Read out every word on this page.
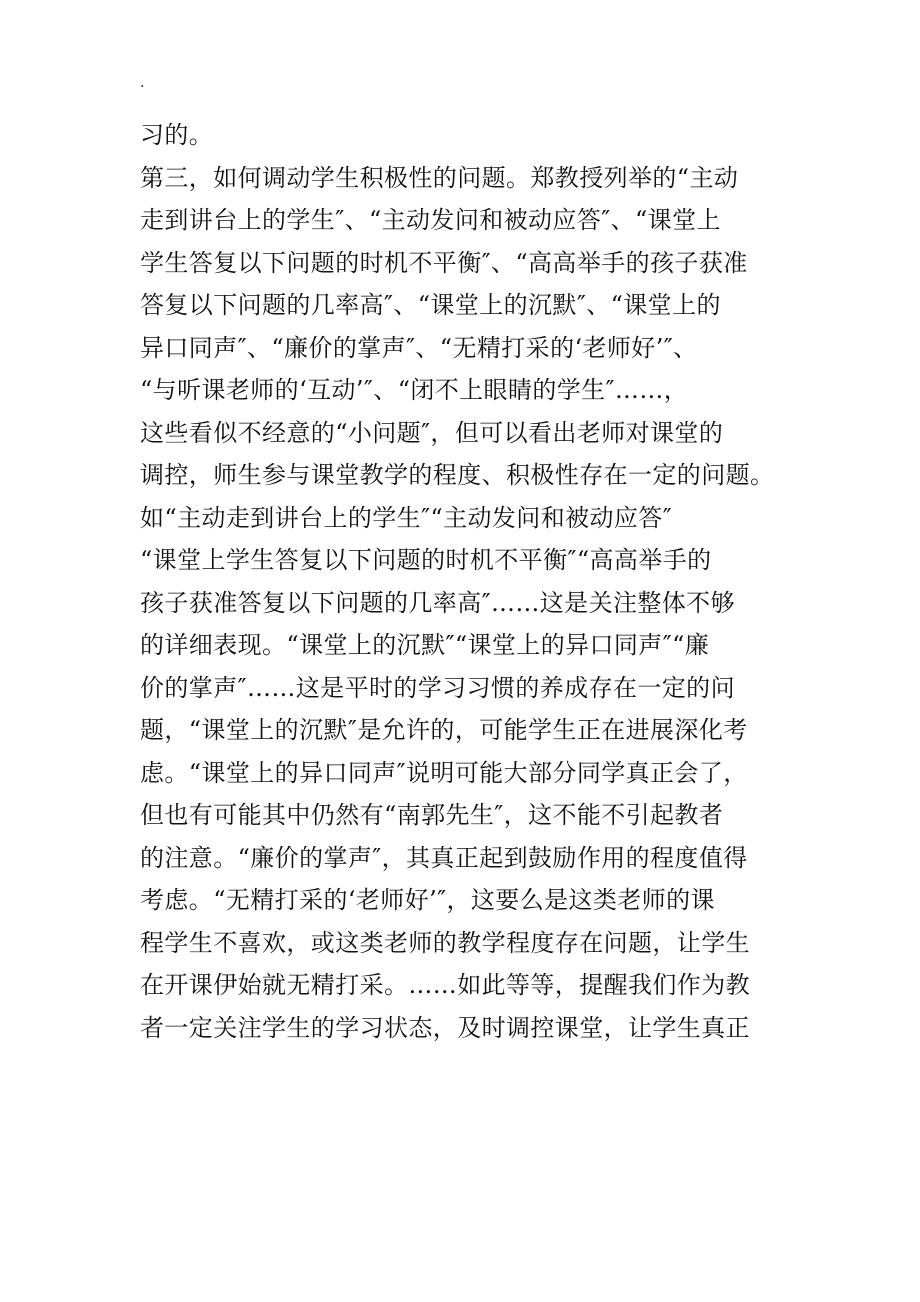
.
习的。
第三，如何调动学生积极性的问题。郑教授列举的“主动
走到讲台上的学生″、“主动发问和被动应答″、“课堂上
学生答复以下问题的时机不平衡″、“高高举手的孩子获准
答复以下问题的几率高″、“课堂上的沉默″、“课堂上的
异口同声″、“廉价的掌声″、“无精打采的‘老师好’″、
“与听课老师的‘互动’″、“闭不上眼睛的学生″……，
这些看似不经意的“小问题″，但可以看出老师对课堂的
调控，师生参与课堂教学的程度、积极性存在一定的问题。
如“主动走到讲台上的学生″“主动发问和被动应答″
“课堂上学生答复以下问题的时机不平衡″“高高举手的
孩子获准答复以下问题的几率高″……这是关注整体不够
的详细表现。“课堂上的沉默″“课堂上的异口同声″“廉
价的掌声″……这是平时的学习习惯的养成存在一定的问
题，“课堂上的沉默″是允许的，可能学生正在进展深化考
虑。“课堂上的异口同声″说明可能大部分同学真正会了，
但也有可能其中仍然有“南郭先生″，这不能不引起教者
的注意。“廉价的掌声″，其真正起到鼓励作用的程度值得
考虑。“无精打采的‘老师好’″，这要么是这类老师的课
程学生不喜欢，或这类老师的教学程度存在问题，让学生
在开课伊始就无精打采。……如此等等，提醒我们作为教
者一定关注学生的学习状态，及时调控课堂，让学生真正
